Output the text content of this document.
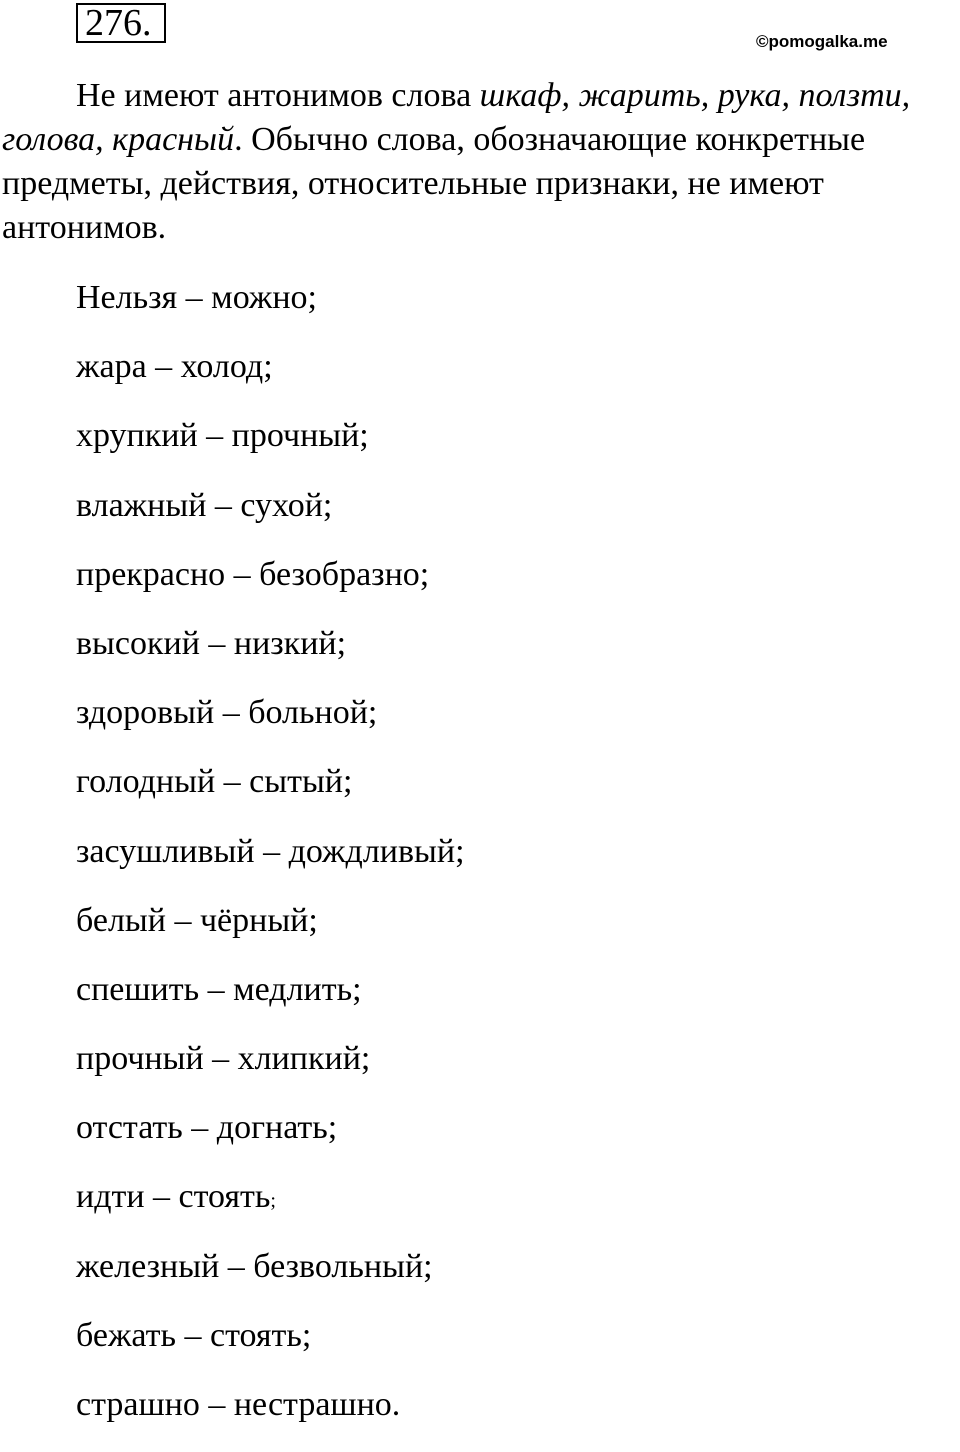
276.	©pomogalka.me

Не имеют антонимов слова шкаф, жарить, рука, ползти, голова, красный. Обычно слова, обозначающие конкретные предметы, действия, относительные признаки, не имеют антонимов.

Нельзя – можно;
жара – холод;
хрупкий – прочный;
влажный – сухой;
прекрасно – безобразно;
высокий – низкий;
здоровый – больной;
голодный – сытый;
засушливый – дождливый;
белый – чёрный;
спешить – медлить;
прочный – хлипкий;
отстать – догнать;
идти – стоять;
железный – безвольный;
бежать – стоять;
страшно – нестрашно.
